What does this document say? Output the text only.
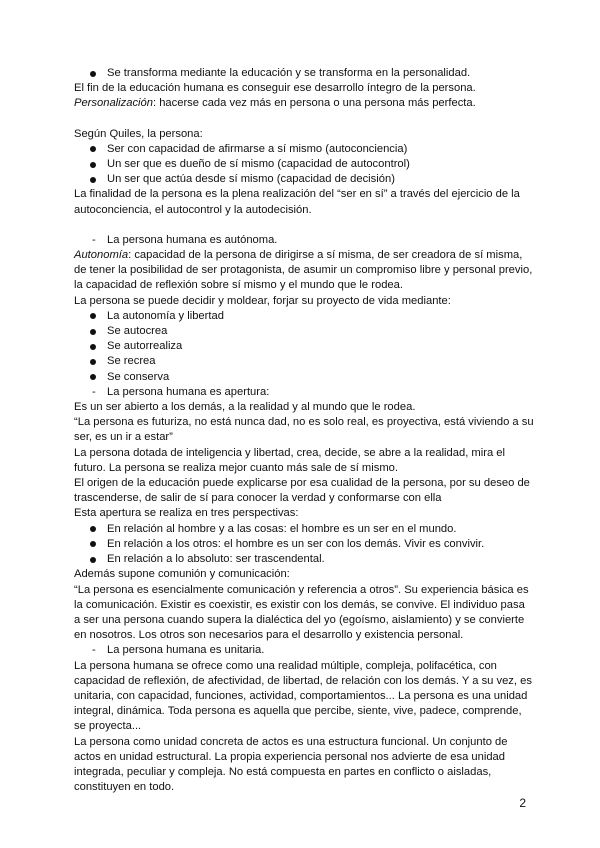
Se transforma mediante la educación y se transforma en la personalidad.

El fin de la educación humana es conseguir ese desarrollo íntegro de la persona.

Personalización: hacerse cada vez más en persona o una persona más perfecta.

Según Quiles, la persona:

Ser con capacidad de afirmarse a sí mismo (autoconciencia)
Un ser que es dueño de sí mismo (capacidad de autocontrol)
Un ser que actúa desde sí mismo (capacidad de decisión)

La finalidad de la persona es la plena realización del “ser en sí” a través del ejercicio de la autoconciencia, el autocontrol y la autodecisión.

- La persona humana es autónoma.

Autonomía: capacidad de la persona de dirigirse a sí misma, de ser creadora de sí misma, de tener la posibilidad de ser protagonista, de asumir un compromiso libre y personal previo, la capacidad de reflexión sobre sí mismo y el mundo que le rodea.

La persona se puede decidir y moldear, forjar su proyecto de vida mediante:

La autonomía y libertad
Se autocrea
Se autorrealiza
Se recrea
Se conserva
- La persona humana es apertura:

Es un ser abierto a los demás, a la realidad y al mundo que le rodea.

“La persona es futuriza, no está nunca dad, no es solo real, es proyectiva, está viviendo a su ser, es un ir a estar”

La persona dotada de inteligencia y libertad, crea, decide, se abre a la realidad, mira el futuro. La persona se realiza mejor cuanto más sale de sí mismo.

El origen de la educación puede explicarse por esa cualidad de la persona, por su deseo de trascenderse, de salir de sí para conocer la verdad y conformarse con ella

Esta apertura se realiza en tres perspectivas:

En relación al hombre y a las cosas: el hombre es un ser en el mundo.
En relación a los otros: el hombre es un ser con los demás. Vivir es convivir.
En relación a lo absoluto: ser trascendental.

Además supone comunión y comunicación:

“La persona es esencialmente comunicación y referencia a otros”. Su experiencia básica es la comunicación. Existir es coexistir, es existir con los demás, se convive. El individuo pasa a ser una persona cuando supera la dialéctica del yo (egoísmo, aislamiento) y se convierte en nosotros. Los otros son necesarios para el desarrollo y existencia personal.

- La persona humana es unitaria.

La persona humana se ofrece como una realidad múltiple, compleja, polifacética, con capacidad de reflexión, de afectividad, de libertad, de relación con los demás. Y a su vez, es unitaria, con capacidad, funciones, actividad, comportamientos... La persona es una unidad integral, dinámica. Toda persona es aquella que percibe, siente, vive, padece, comprende, se proyecta...

La persona como unidad concreta de actos es una estructura funcional. Un conjunto de actos en unidad estructural. La propia experiencia personal nos advierte de esa unidad integrada, peculiar y compleja. No está compuesta en partes en conflicto o aisladas, constituyen en todo.

2
